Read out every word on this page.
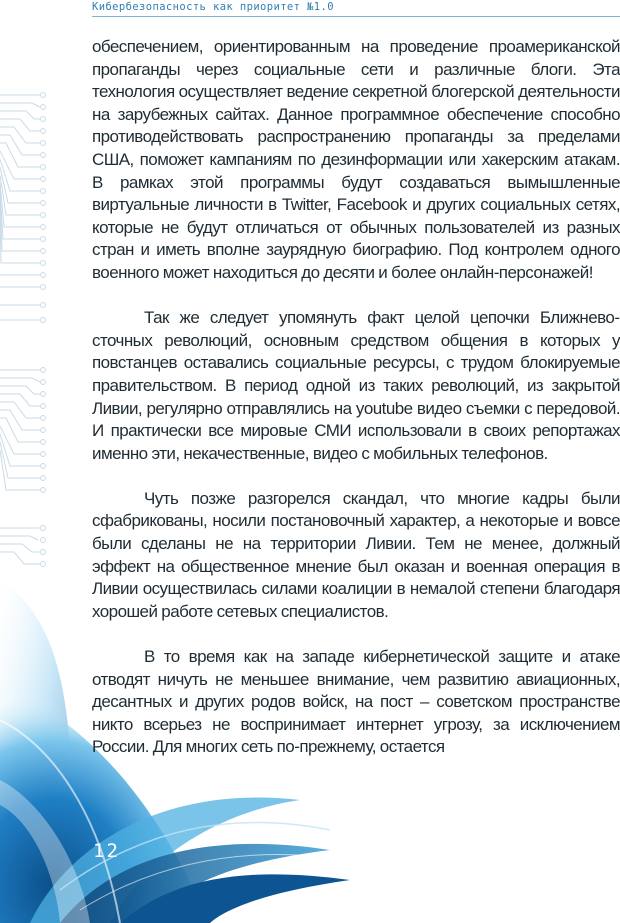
Кибербезопасность как приоритет №1.0

обеспечением, ориентированным на проведение проамериканской пропаганды через социальные сети и различные блоги. Эта технология осуществляет ведение секретной блогерской деятельности на зарубежных сайтах. Данное программное обеспечение способно противодействовать распространению пропаганды за пределами США, поможет кампаниям по дезинформации или хакерским атакам. В рамках этой программы будут создаваться вымышленные виртуальные личности в Twitter, Facebook и других социальных сетях, которые не будут отличаться от обычных пользователей из разных стран и иметь вполне заурядную биографию. Под контролем одного военного может находиться до десяти и более онлайн-персонажей!

Так же следует упомянуть факт целой цепочки Ближневосточных революций, основным средством общения в которых у повстанцев оставались социальные ресурсы, с трудом блокируемые правительством. В период одной из таких революций, из закрытой Ливии, регулярно отправлялись на youtube видео съемки с передовой. И практически все мировые СМИ использовали в своих репортажах именно эти, некачественные, видео с мобильных телефонов.

Чуть позже разгорелся скандал, что многие кадры были сфабрикованы, носили постановочный характер, а некоторые и вовсе были сделаны не на территории Ливии. Тем не менее, должный эффект на общественное мнение был оказан и военная операция в Ливии осуществилась силами коалиции в немалой степени благодаря хорошей работе сетевых специалистов.

В то время как на западе кибернетической защите и атаке отводят ничуть не меньшее внимание, чем развитию авиационных, десантных и других родов войск, на пост – советском пространстве никто всерьез не воспринимает интернет угрозу, за исключением России. Для многих сеть по-прежнему, остается

12
